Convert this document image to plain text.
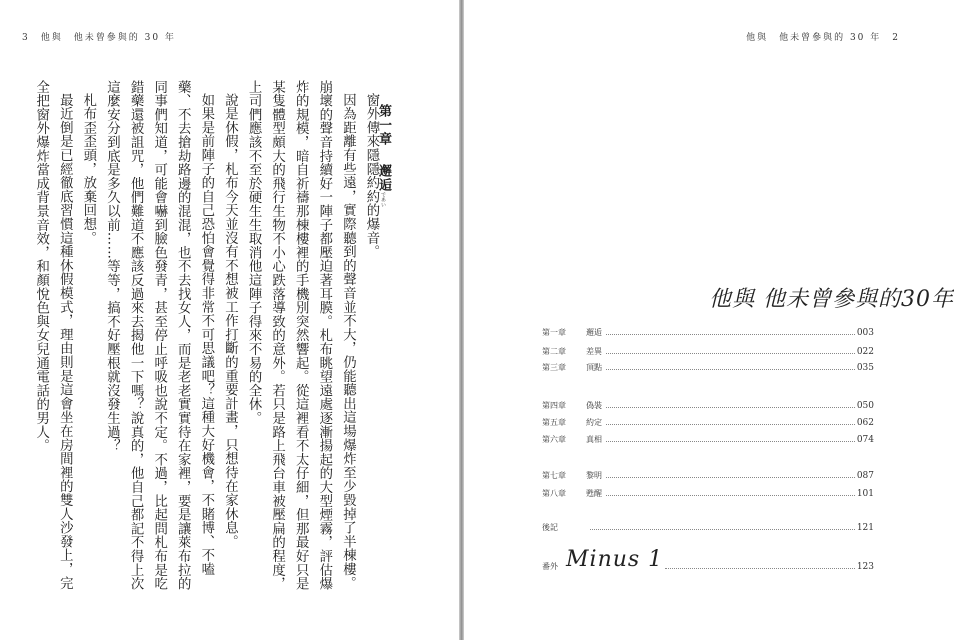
3　他與　他未曾參與的 30 年
第一章邂逅であい

窗外傳來隱隱約約的爆音。

因為距離有些遠，實際聽到的聲音並不大，仍能聽出這場爆炸至少毀掉了半棟樓。崩壞的聲音持續好一陣子都壓迫著耳膜。札布眺望遠處逐漸揚起的大型煙霧，評估爆炸的規模，暗自祈禱那棟樓裡的手機別突然響起。從這裡看不太仔細，但那最好只是某隻體型頗大的飛行生物不小心跌落導致的意外。若只是路上飛台車被壓扁的程度，上司們應該不至於硬生生取消他這陣子得來不易的全休。

說是休假，札布今天並沒有不想被工作打斷的重要計畫，只想待在家休息。

如果是前陣子的自己恐怕會覺得非常不可思議吧？這種大好機會，不賭博、不嗑藥、不去搶劫路邊的混混，也不去找女人，而是老老實實待在家裡，要是讓萊布拉的同事們知道，可能會嚇到臉色發青，甚至停止呼吸也說不定。不過，比起問札布是吃錯藥還被詛咒，他們難道不應該反過來去揭他一下嗎？說真的，他自己都記不得上次這麼安分到底是多久以前……等等，搞不好壓根就沒發生過？

札布歪歪頭，放棄回想。

最近倒是已經徹底習慣這種休假模式，理由則是這會坐在房間裡的雙人沙發上，完全把窗外爆炸當成背景音效，和顏悅色與女兒通電話的男人。

他與　他未曾參與的 30 年　2
他與 他未曾參與的30年
第一章	邂逅	003
第二章	差異	022
第三章	頂點	035
第四章	偽裝	050
第五章	約定	062
第六章	真相	074
第七章	黎明	087
第八章	甦醒	101
後記	121
番外 Minus 1	123
